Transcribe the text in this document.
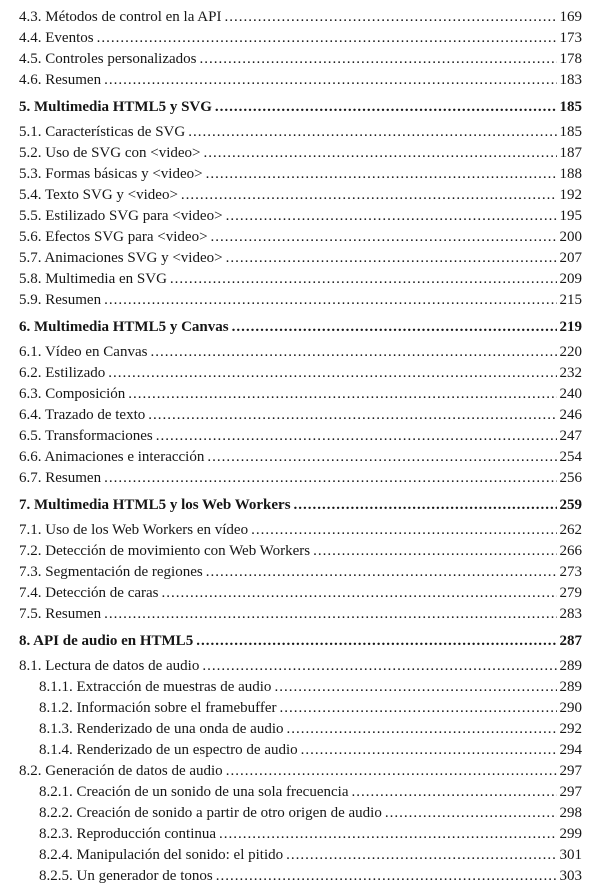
4.3. Métodos de control en la API .....	169
4.4. Eventos .....	173
4.5. Controles personalizados .....	178
4.6. Resumen .....	183
5. Multimedia HTML5 y SVG .....	185
5.1. Características de SVG .....	185
5.2. Uso de SVG con <video> .....	187
5.3. Formas básicas y <video> .....	188
5.4. Texto SVG y <video> .....	192
5.5. Estilizado SVG para <video> .....	195
5.6. Efectos SVG para <video> .....	200
5.7. Animaciones SVG y <video> .....	207
5.8. Multimedia en SVG .....	209
5.9. Resumen .....	215
6. Multimedia HTML5 y Canvas .....	219
6.1. Vídeo en Canvas .....	220
6.2. Estilizado .....	232
6.3. Composición .....	240
6.4. Trazado de texto .....	246
6.5. Transformaciones .....	247
6.6. Animaciones e interacción .....	254
6.7. Resumen .....	256
7. Multimedia HTML5 y los Web Workers .....	259
7.1. Uso de los Web Workers en vídeo .....	262
7.2. Detección de movimiento con Web Workers .....	266
7.3. Segmentación de regiones .....	273
7.4. Detección de caras .....	279
7.5. Resumen .....	283
8. API de audio en HTML5 .....	287
8.1. Lectura de datos de audio .....	289
8.1.1. Extracción de muestras de audio .....	289
8.1.2. Información sobre el framebuffer .....	290
8.1.3. Renderizado de una onda de audio .....	292
8.1.4. Renderizado de un espectro de audio .....	294
8.2. Generación de datos de audio .....	297
8.2.1. Creación de un sonido de una sola frecuencia .....	297
8.2.2. Creación de sonido a partir de otro origen de audio .....	298
8.2.3. Reproducción continua .....	299
8.2.4. Manipulación del sonido: el pitido .....	301
8.2.5. Un generador de tonos .....	303
